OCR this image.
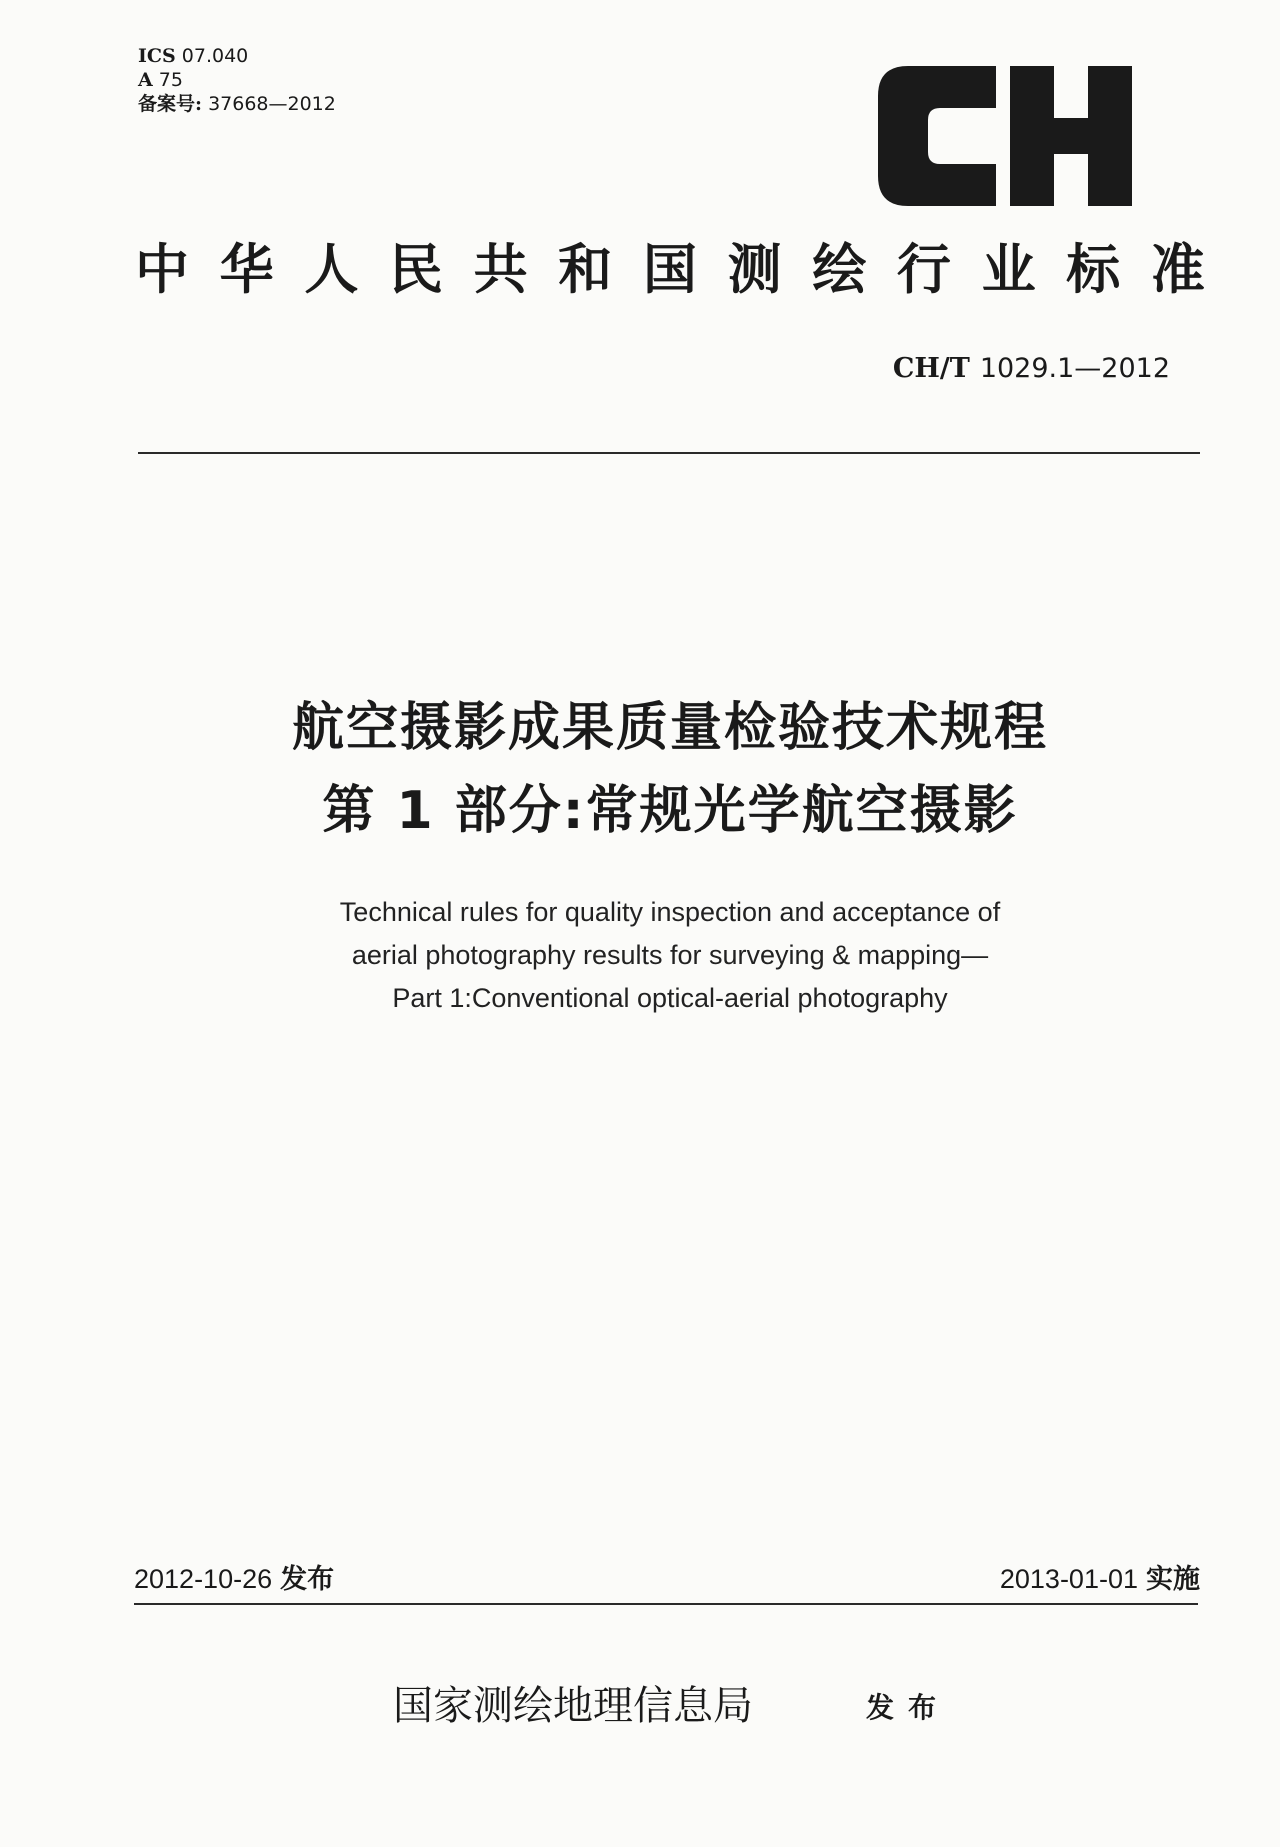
ICS 07.040
A 75
备案号: 37668—2012
中 华 人 民 共 和 国 测 绘 行 业 标 准
CH/T 1029.1—2012
航空摄影成果质量检验技术规程
第 1 部分:常规光学航空摄影
Technical rules for quality inspection and acceptance of
aerial photography results for surveying & mapping—
Part 1:Conventional optical-aerial photography
2012-10-26 发布	2013-01-01 实施
国家测绘地理信息局	发布
